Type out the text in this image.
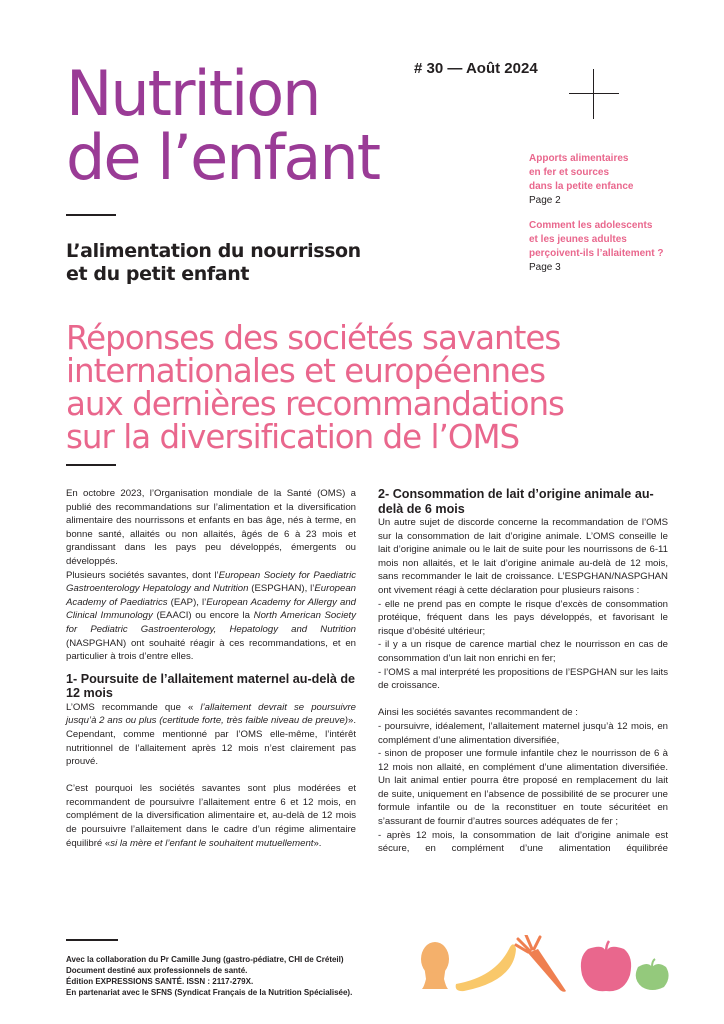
Nutrition
de l’enfant
L’alimentation du nourrisson
et du petit enfant
# 30 — Août 2024
Apports alimentaires
en fer et sources
dans la petite enfance
Page 2
Comment les adolescents
et les jeunes adultes
perçoivent-ils l’allaitement ?
Page 3
Réponses des sociétés savantes
internationales et européennes
aux dernières recommandations
sur la diversification de l’OMS

En octobre 2023, l’Organisation mondiale de la Santé (OMS) a publié des recommandations sur l’alimentation et la diversification alimentaire des nourrissons et enfants en bas âge, nés à terme, en bonne santé, allaités ou non allaités, âgés de 6 à 23 mois et grandissant dans les pays peu développés, émergents ou développés.

Plusieurs sociétés savantes, dont l’European Society for Paediatric Gastroenterology Hepatology and Nutrition (ESPGHAN), l’European Academy of Paediatrics (EAP), l’European Academy for Allergy and Clinical Immunology (EAACI) ou encore la North American Society for Pediatric Gastroenterology, Hepatology and Nutrition (NASPGHAN) ont souhaité réagir à ces recommandations, et en particulier à trois d’entre elles.

1- Poursuite de l’allaitement maternel au-delà de 12 mois

L’OMS recommande que « l’allaitement devrait se poursuivre jusqu’à 2 ans ou plus (certitude forte, très faible niveau de preuve)». Cependant, comme mentionné par l’OMS elle-même, l’intérêt nutritionnel de l’allaitement après 12 mois n’est clairement pas prouvé.

C’est pourquoi les sociétés savantes sont plus modérées et recommandent de poursuivre l’allaitement entre 6 et 12 mois, en complément de la diversification alimentaire et, au-delà de 12 mois de poursuivre l’allaitement dans le cadre d’un régime alimentaire équilibré «si la mère et l’enfant le souhaitent mutuellement».

2- Consommation de lait d’origine animale au-delà de 6 mois

Un autre sujet de discorde concerne la recommandation de l’OMS sur la consommation de lait d’origine animale. L’OMS conseille le lait d’origine animale ou le lait de suite pour les nourrissons de 6-11 mois non allaités, et le lait d’origine animale au-delà de 12 mois, sans recommander le lait de croissance. L’ESPGHAN/NASPGHAN ont vivement réagi à cette déclaration pour plusieurs raisons :

- elle ne prend pas en compte le risque d’excès de consommation protéique, fréquent dans les pays développés, et favorisant le risque d’obésité ultérieur;

- il y a un risque de carence martial chez le nourrisson en cas de consommation d’un lait non enrichi en fer;

- l’OMS a mal interprété les propositions de l’ESPGHAN sur les laits de croissance.

Ainsi les sociétés savantes recommandent de :

- poursuivre, idéalement, l’allaitement maternel jusqu’à 12 mois, en complément d’une alimentation diversifiée,

- sinon de proposer une formule infantile chez le nourrisson de 6 à 12 mois non allaité, en complément d’une alimentation diversifiée. Un lait animal entier pourra être proposé en remplacement du lait de suite, uniquement en l’absence de possibilité de se procurer une formule infantile ou de la reconstituer en toute sécuritéet en s’assurant de fournir d’autres sources adéquates de fer ;

- après 12 mois, la consommation de lait d’origine animale est sécure, en complément d’une alimentation équilibrée

Avec la collaboration du Pr Camille Jung (gastro-pédiatre, CHI de Créteil)
Document destiné aux professionnels de santé.
Édition EXPRESSIONS SANTÉ. ISSN : 2117-279X.
En partenariat avec le SFNS (Syndicat Français de la Nutrition Spécialisée).
